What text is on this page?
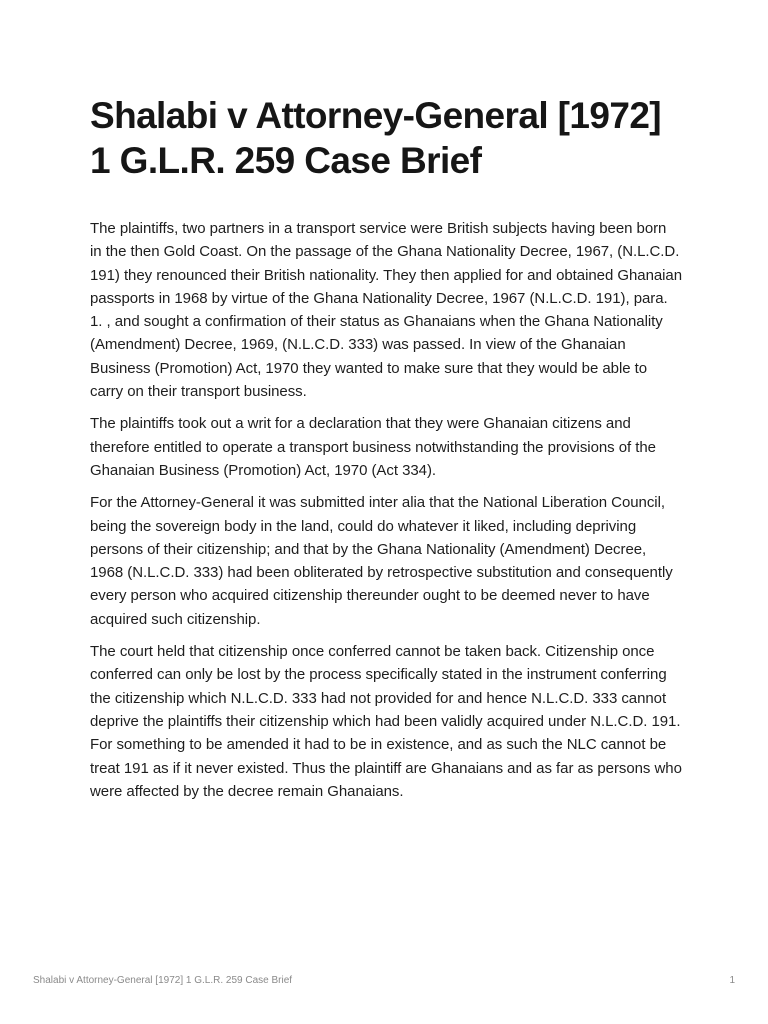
Shalabi v Attorney-General [1972] 1 G.L.R. 259 Case Brief

The plaintiffs, two partners in a transport service were British subjects having been born in the then Gold Coast. On the passage of the Ghana Nationality Decree, 1967, (N.L.C.D. 191) they renounced their British nationality. They then applied for and obtained Ghanaian passports in 1968 by virtue of the Ghana Nationality Decree, 1967 (N.L.C.D. 191), para. 1. , and sought a confirmation of their status as Ghanaians when the Ghana Nationality (Amendment) Decree, 1969, (N.L.C.D. 333) was passed. In view of the Ghanaian Business (Promotion) Act, 1970 they wanted to make sure that they would be able to carry on their transport business.

The plaintiffs took out a writ for a declaration that they were Ghanaian citizens and therefore entitled to operate a transport business notwithstanding the provisions of the Ghanaian Business (Promotion) Act, 1970 (Act 334).

For the Attorney-General it was submitted inter alia that the National Liberation Council, being the sovereign body in the land, could do whatever it liked, including depriving persons of their citizenship; and that by the Ghana Nationality (Amendment) Decree, 1968 (N.L.C.D. 333) had been obliterated by retrospective substitution and consequently every person who acquired citizenship thereunder ought to be deemed never to have acquired such citizenship.

The court held that citizenship once conferred cannot be taken back. Citizenship once conferred can only be lost by the process specifically stated in the instrument conferring the citizenship which N.L.C.D. 333 had not provided for and hence N.L.C.D. 333 cannot deprive the plaintiffs their citizenship which had been validly acquired under N.L.C.D. 191. For something to be amended it had to be in existence, and as such the NLC cannot be treat 191 as if it never existed. Thus the plaintiff are Ghanaians and as far as persons who were affected by the decree remain Ghanaians.

Shalabi v Attorney-General [1972] 1 G.L.R. 259 Case Brief	1
